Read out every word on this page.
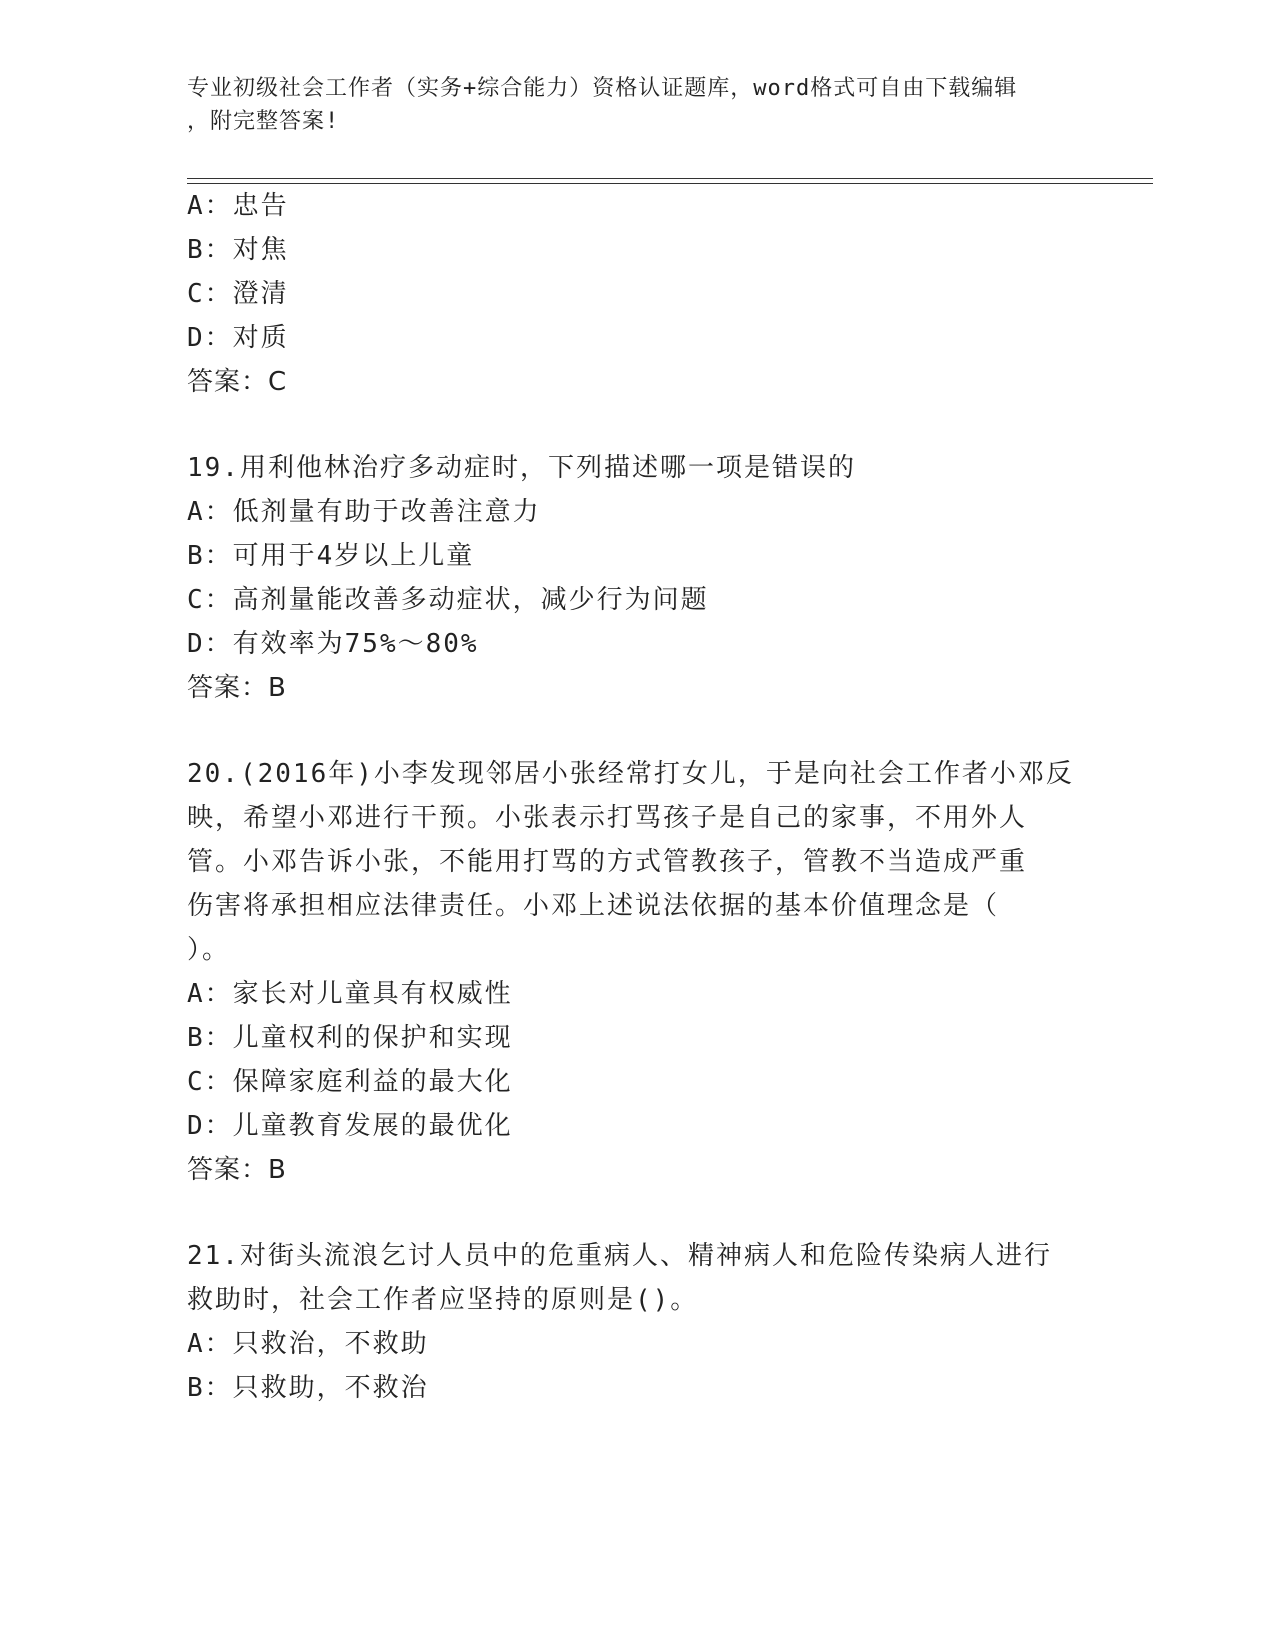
专业初级社会工作者（实务+综合能力）资格认证题库，word格式可自由下载编辑
，附完整答案!
A：忠告
B：对焦
C：澄清
D：对质
答案：C
19.用利他林治疗多动症时，下列描述哪一项是错误的
A：低剂量有助于改善注意力
B：可用于4岁以上儿童
C：高剂量能改善多动症状，减少行为问题
D：有效率为75%～80%
答案：B
20.(2016年)小李发现邻居小张经常打女儿，于是向社会工作者小邓反
映，希望小邓进行干预。小张表示打骂孩子是自己的家事，不用外人
管。小邓告诉小张，不能用打骂的方式管教孩子，管教不当造成严重
伤害将承担相应法律责任。小邓上述说法依据的基本价值理念是（
）。
A：家长对儿童具有权威性
B：儿童权利的保护和实现
C：保障家庭利益的最大化
D：儿童教育发展的最优化
答案：B
21.对街头流浪乞讨人员中的危重病人、精神病人和危险传染病人进行
救助时，社会工作者应坚持的原则是()。
A：只救治，不救助
B：只救助，不救治
